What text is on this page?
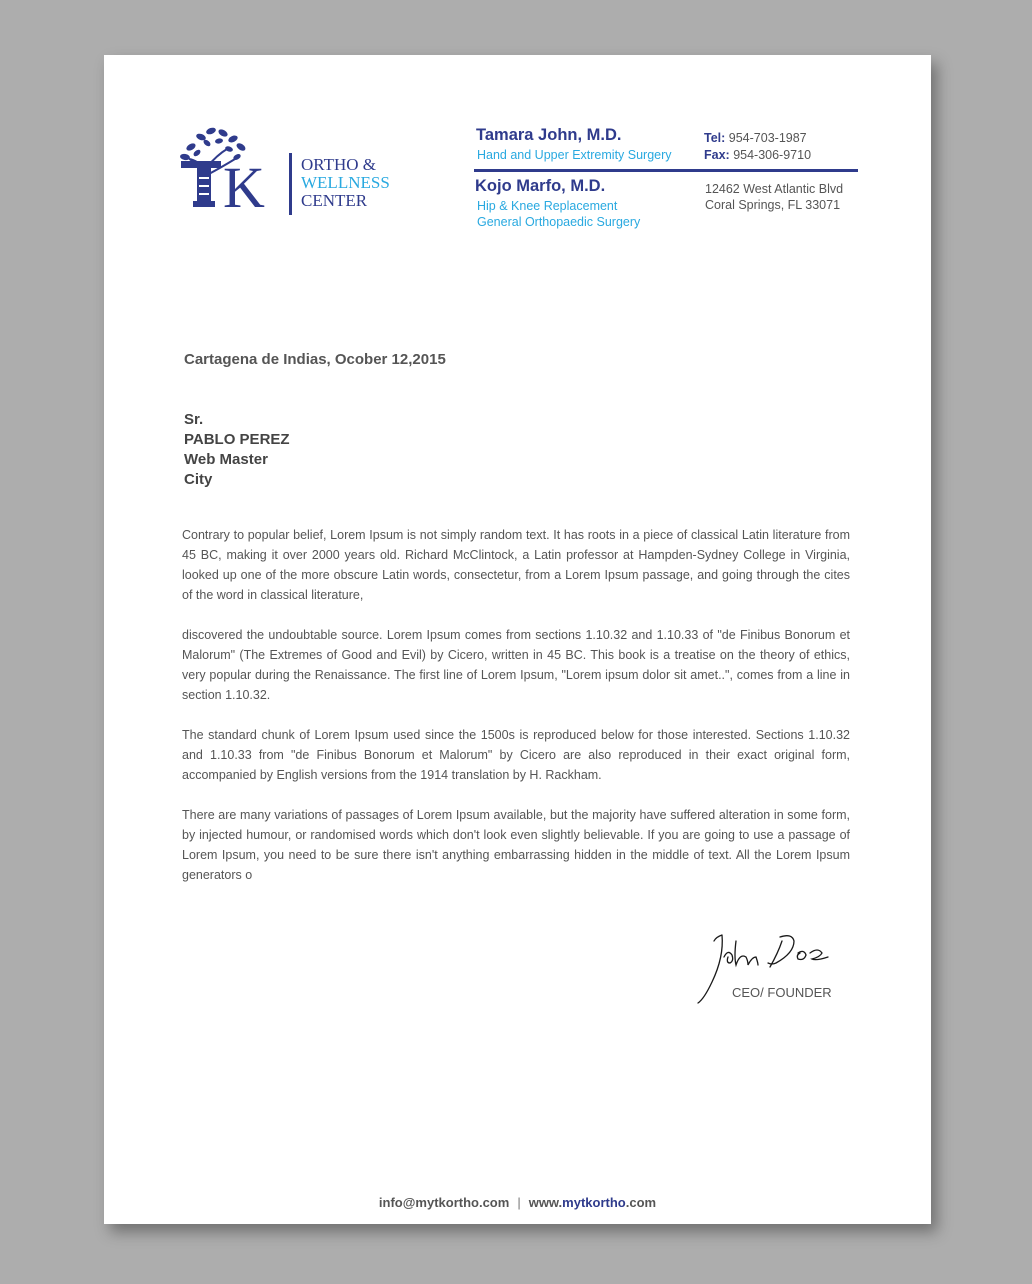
K ORTHO &
WELLNESS
CENTER
Tamara John, M.D.
Hand and Upper Extremity Surgery
Kojo Marfo, M.D.
Hip & Knee Replacement
General Orthopaedic Surgery
Tel: 954-703-1987
Fax: 954-306-9710
12462 West Atlantic Blvd
Coral Springs, FL 33071
Cartagena de Indias, Ocober 12,2015
Sr.
PABLO PEREZ
Web Master
City

Contrary to popular belief, Lorem Ipsum is not simply random text. It has roots in a piece of classical Latin literature from 45 BC, making it over 2000 years old. Richard McClintock, a Latin professor at Hampden-Sydney College in Virginia, looked up one of the more obscure Latin words, consectetur, from a Lorem Ipsum passage, and going through the cites of the word in classical literature,

discovered the undoubtable source. Lorem Ipsum comes from sections 1.10.32 and 1.10.33 of "de Finibus Bonorum et Malorum" (The Extremes of Good and Evil) by Cicero, written in 45 BC. This book is a treatise on the theory of ethics, very popular during the Renaissance. The first line of Lorem Ipsum, "Lorem ipsum dolor sit amet..", comes from a line in section 1.10.32.

The standard chunk of Lorem Ipsum used since the 1500s is reproduced below for those interested. Sections 1.10.32 and 1.10.33 from "de Finibus Bonorum et Malorum" by Cicero are also reproduced in their exact original form, accompanied by English versions from the 1914 translation by H. Rackham.

There are many variations of passages of Lorem Ipsum available, but the majority have suffered alteration in some form, by injected humour, or randomised words which don't look even slightly believable. If you are going to use a passage of Lorem Ipsum, you need to be sure there isn't anything embarrassing hidden in the middle of text. All the Lorem Ipsum generators o

CEO/ FOUNDER
info@mytkortho.com | www.mytkortho.com
